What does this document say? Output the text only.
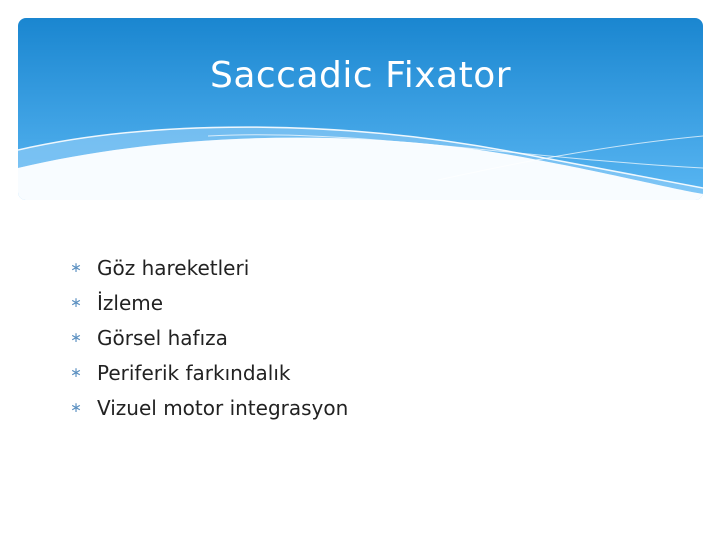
Saccadic Fixator
∗ Göz hareketleri
∗ İzleme
∗ Görsel hafıza
∗ Periferik farkındalık
∗ Vizuel motor integrasyon
